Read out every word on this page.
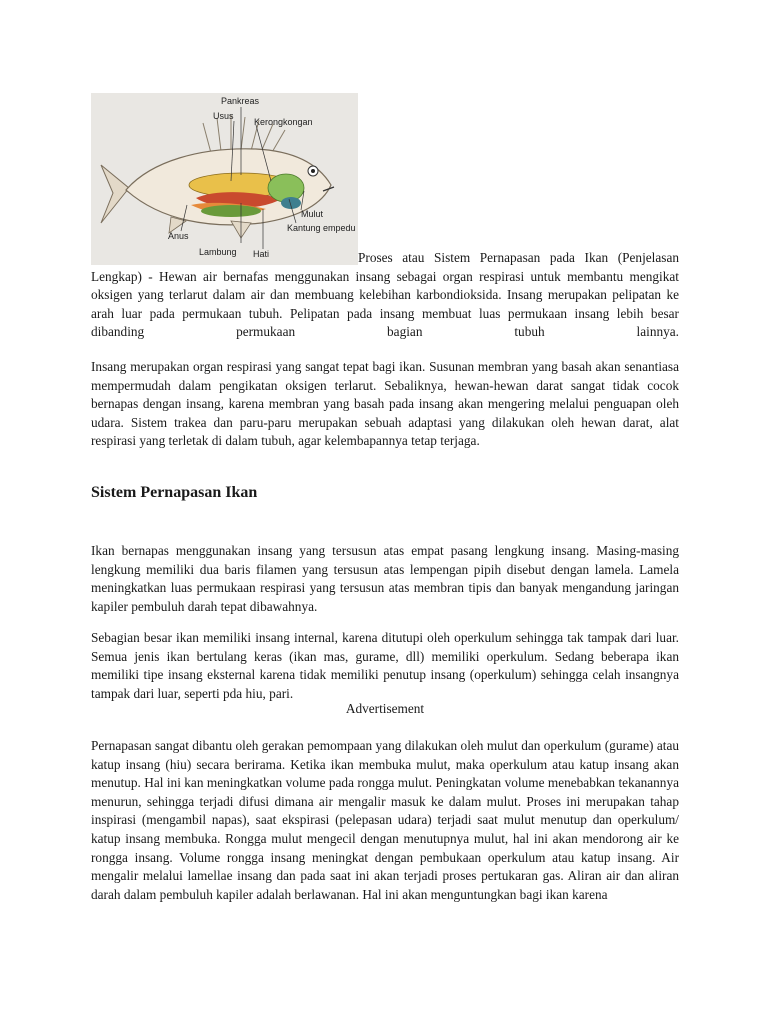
Pankreas
Usus
Kerongkongan
Mulut
Kantung empedu
Anus
Lambung Hati	Proses atau Sistem Pernapasan pada Ikan (Penjelasan Lengkap) - Hewan air bernafas menggunakan insang sebagai organ respirasi untuk membantu mengikat oksigen yang terlarut dalam air dan membuang kelebihan karbondioksida. Insang merupakan pelipatan ke arah luar pada permukaan tubuh. Pelipatan pada insang membuat luas permukaan insang lebih besar dibanding permukaan bagian tubuh lainnya.

Insang merupakan organ respirasi yang sangat tepat bagi ikan. Susunan membran yang basah akan senantiasa mempermudah dalam pengikatan oksigen terlarut. Sebaliknya, hewan-hewan darat sangat tidak cocok bernapas dengan insang, karena membran yang basah pada insang akan mengering melalui penguapan oleh udara. Sistem trakea dan paru-paru merupakan sebuah adaptasi yang dilakukan oleh hewan darat, alat respirasi yang terletak di dalam tubuh, agar kelembapannya tetap terjaga.

Sistem Pernapasan Ikan

Ikan bernapas menggunakan insang yang tersusun atas empat pasang lengkung insang. Masing-masing lengkung memiliki dua baris filamen yang tersusun atas lempengan pipih disebut dengan lamela. Lamela meningkatkan luas permukaan respirasi yang tersusun atas membran tipis dan banyak mengandung jaringan kapiler pembuluh darah tepat dibawahnya.

Sebagian besar ikan memiliki insang internal, karena ditutupi oleh operkulum sehingga tak tampak dari luar. Semua jenis ikan bertulang keras (ikan mas, gurame, dll) memiliki operkulum. Sedang beberapa ikan memiliki tipe insang eksternal karena tidak memiliki penutup insang (operkulum) sehingga celah insangnya tampak dari luar, seperti pda hiu, pari.

Advertisement

Pernapasan sangat dibantu oleh gerakan pemompaan yang dilakukan oleh mulut dan operkulum (gurame) atau katup insang (hiu) secara berirama. Ketika ikan membuka mulut, maka operkulum atau katup insang akan menutup. Hal ini kan meningkatkan volume pada rongga mulut. Peningkatan volume menebabkan tekanannya menurun, sehingga terjadi difusi dimana air mengalir masuk ke dalam mulut. Proses ini merupakan tahap inspirasi (mengambil napas), saat ekspirasi (pelepasan udara) terjadi saat mulut menutup dan operkulum/ katup insang membuka. Rongga mulut mengecil dengan menutupnya mulut, hal ini akan mendorong air ke rongga insang. Volume rongga insang meningkat dengan pembukaan operkulum atau katup insang. Air mengalir melalui lamellae insang dan pada saat ini akan terjadi proses pertukaran gas. Aliran air dan aliran darah dalam pembuluh kapiler adalah berlawanan. Hal ini akan menguntungkan bagi ikan karena
